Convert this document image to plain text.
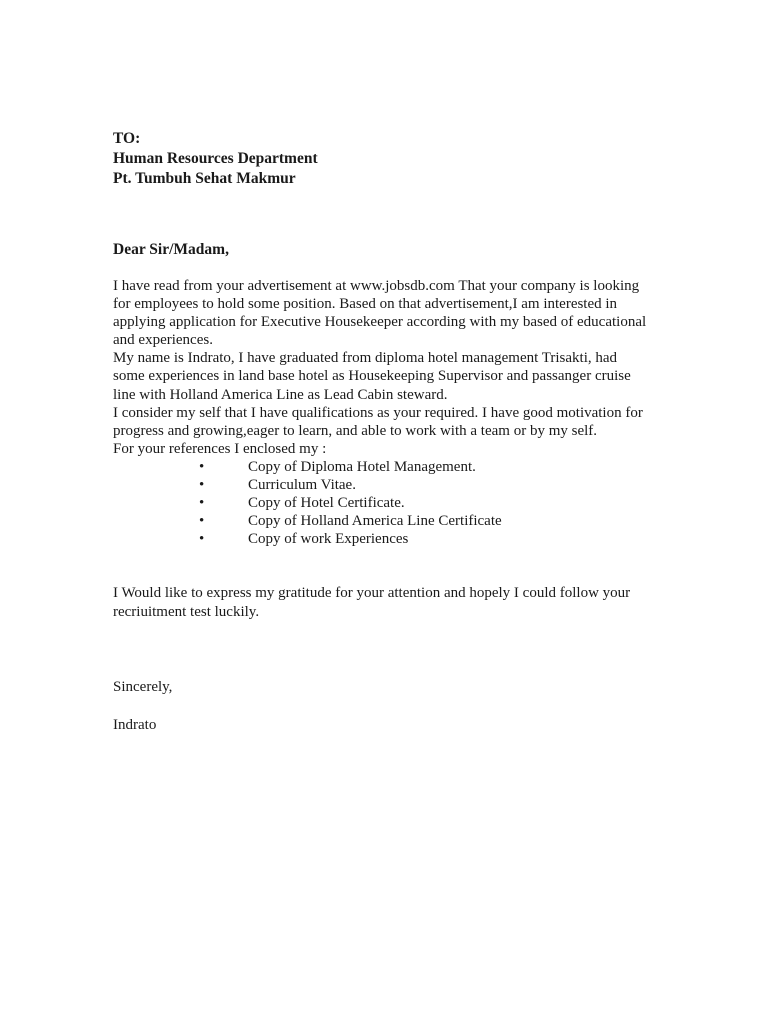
TO:
Human Resources Department
Pt. Tumbuh Sehat Makmur
Dear Sir/Madam,
I have read from your advertisement at www.jobsdb.com That your company is looking
for employees to hold some position. Based on that advertisement,I am interested in
applying application for Executive Housekeeper according with my based of educational
and experiences.
My name is Indrato, I have graduated from diploma hotel management Trisakti, had
some experiences in land base hotel as Housekeeping Supervisor and passanger cruise
line with Holland America Line as Lead Cabin steward.
I consider my self that I have qualifications as your required. I have good motivation for
progress and growing,eager to learn, and able to work with a team or by my self.
For your references I enclosed my :
•	Copy of Diploma Hotel Management.
•	Curriculum Vitae.
•	Copy of Hotel Certificate.
•	Copy of Holland America Line Certificate
•	Copy of work Experiences
I Would like to express my gratitude for your attention and hopely I could follow your
recriuitment test luckily.
Sincerely,
Indrato
